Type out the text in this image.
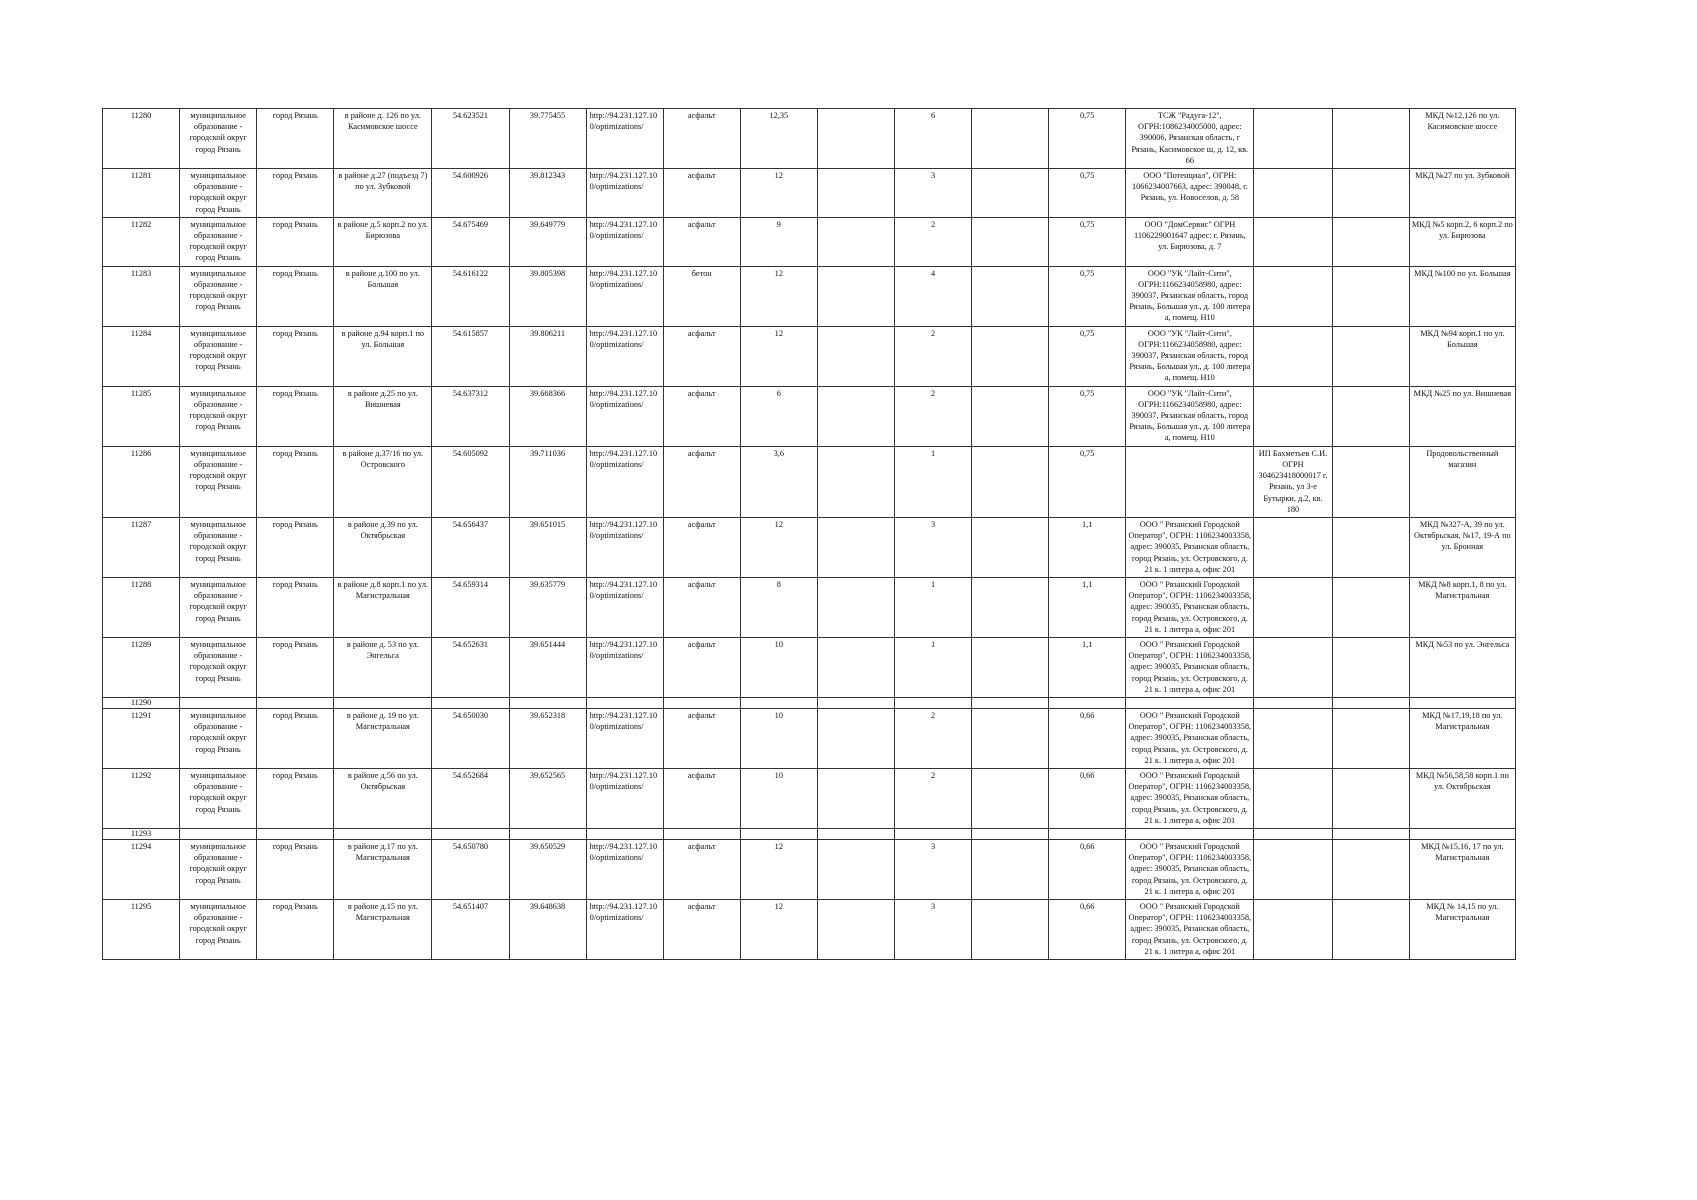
11280	муниципальное образование - городской округ город Рязань	город Рязань	в районе д. 126 по ул. Касимовское шоссе	54.623521	39.775455	http://94.231.127.10 0/optimizations/	асфальт	12,35		6		0,75	ТСЖ "Радуга-12", ОГРН:1086234005000, адрес: 390006, Рязанская область, г Рязань, Касимовское ш, д. 12, кв. 66			МКД №12,126 по ул. Касимовское шоссе
11281	муниципальное образование - городской округ город Рязань	город Рязань	в районе д.27 (подъезд 7) по ул. Зубковой	54.600926	39.812343	http://94.231.127.10 0/optimizations/	асфальт	12		3		0,75	ООО "Потенциал", ОГРН: 1066234007663, адрес: 390048, г. Рязань, ул. Новоселов, д. 58			МКД №27 по ул. Зубковой
11282	муниципальное образование - городской округ город Рязань	город Рязань	в районе д.5 корп.2 по ул. Бирюзова	54.675469	39.649779	http://94.231.127.10 0/optimizations/	асфальт	9		2		0,75	ООО "ДомСервис" ОГРН 1106229001647 адрес: г. Рязань, ул. Бирюзова, д. 7			МКД №5 корп.2, 6 корп.2 по ул. Бирюзова
11283	муниципальное образование - городской округ город Рязань	город Рязань	в районе д.100 по ул. Большая	54.616122	39.805398	http://94.231.127.10 0/optimizations/	бетон	12		4		0,75	ООО "УК "Лайт-Сити", ОГРН:1166234058980, адрес: 390037, Рязанская область, город Рязань, Большая ул., д. 100 литера а, помещ. Н10			МКД №100 по ул. Большая
11284	муниципальное образование - городской округ город Рязань	город Рязань	в районе д.94 корп.1 по ул. Большая	54.615857	39.806211	http://94.231.127.10 0/optimizations/	асфальт	12		2		0,75	ООО "УК "Лайт-Сити", ОГРН:1166234058980, адрес: 390037, Рязанская область, город Рязань, Большая ул., д. 100 литера а, помещ. Н10			МКД №94 корп.1 по ул. Большая
11285	муниципальное образование - городской округ город Рязань	город Рязань	в районе д.25 по ул. Вишневая	54.637312	39.668366	http://94.231.127.10 0/optimizations/	асфальт	6		2		0,75	ООО "УК "Лайт-Сити", ОГРН:1166234058980, адрес: 390037, Рязанская область, город Рязань, Большая ул., д. 100 литера а, помещ. Н10			МКД №25 по ул. Вишневая
11286	муниципальное образование - городской округ город Рязань	город Рязань	в районе д.37/16 по ул. Островского	54.605092	39.711036	http://94.231.127.10 0/optimizations/	асфальт	3,6		1		0,75		ИП Бахметьев С.И. ОГРН 304623418000017 г. Рязань, ул 3-е Бутырки, д.2, кв. 180		Продовольственный магазин
11287	муниципальное образование - городской округ город Рязань	город Рязань	в районе д.39 по ул. Октябрьская	54.656437	39.651015	http://94.231.127.10 0/optimizations/	асфальт	12		3		1,1	ООО " Рязанский Городской Оператор", ОГРН: 1106234003358, адрес: 390035, Рязанская область, город Рязань, ул. Островского, д. 21 к. 1 литера а, офис 201			МКД №327-А, 39 по ул. Октябрьская, №17, 19-А по ул. Бронная
11288	муниципальное образование - городской округ город Рязань	город Рязань	в районе д.8 корп.1 по ул. Магистральная	54.659314	39.635779	http://94.231.127.10 0/optimizations/	асфальт	8		1		1,1	ООО " Рязанский Городской Оператор", ОГРН: 1106234003358, адрес: 390035, Рязанская область, город Рязань, ул. Островского, д. 21 к. 1 литера а, офис 201			МКД №8 корп.1, 8 по ул. Магистральная
11289	муниципальное образование - городской округ город Рязань	город Рязань	в районе д. 53 по ул. Энгельса	54.652631	39.651444	http://94.231.127.10 0/optimizations/	асфальт	10		1		1,1	ООО " Рязанский Городской Оператор", ОГРН: 1106234003358, адрес: 390035, Рязанская область, город Рязань, ул. Островского, д. 21 к. 1 литера а, офис 201			МКД №53 по ул. Энгельса
11290																
11291	муниципальное образование - городской округ город Рязань	город Рязань	в районе д. 19 по ул. Магистральная	54.650030	39.652318	http://94.231.127.10 0/optimizations/	асфальт	10		2		0,66	ООО " Рязанский Городской Оператор", ОГРН: 1106234003358, адрес: 390035, Рязанская область, город Рязань, ул. Островского, д. 21 к. 1 литера а, офис 201			МКД №17,19,18 по ул. Магистральная
11292	муниципальное образование - городской округ город Рязань	город Рязань	в районе д.56 по ул. Октябрьская	54.652684	39.652565	http://94.231.127.10 0/optimizations/	асфальт	10		2		0,66	ООО " Рязанский Городской Оператор", ОГРН: 1106234003358, адрес: 390035, Рязанская область, город Рязань, ул. Островского, д. 21 к. 1 литера а, офис 201			МКД №56,58,58 корп.1 по ул. Октябрьская
11293																
11294	муниципальное образование - городской округ город Рязань	город Рязань	в районе д.17 по ул. Магистральная	54.650780	39.650529	http://94.231.127.10 0/optimizations/	асфальт	12		3		0,66	ООО " Рязанский Городской Оператор", ОГРН: 1106234003358, адрес: 390035, Рязанская область, город Рязань, ул. Островского, д. 21 к. 1 литера а, офис 201			МКД №15,16, 17 по ул. Магистральная
11295	муниципальное образование - городской округ город Рязань	город Рязань	в районе д.15 по ул. Магистральная	54.651407	39.648638	http://94.231.127.10 0/optimizations/	асфальт	12		3		0,66	ООО " Рязанский Городской Оператор", ОГРН: 1106234003358, адрес: 390035, Рязанская область, город Рязань, ул. Островского, д. 21 к. 1 литера а, офис 201			МКД № 14,15 по ул. Магистральная
